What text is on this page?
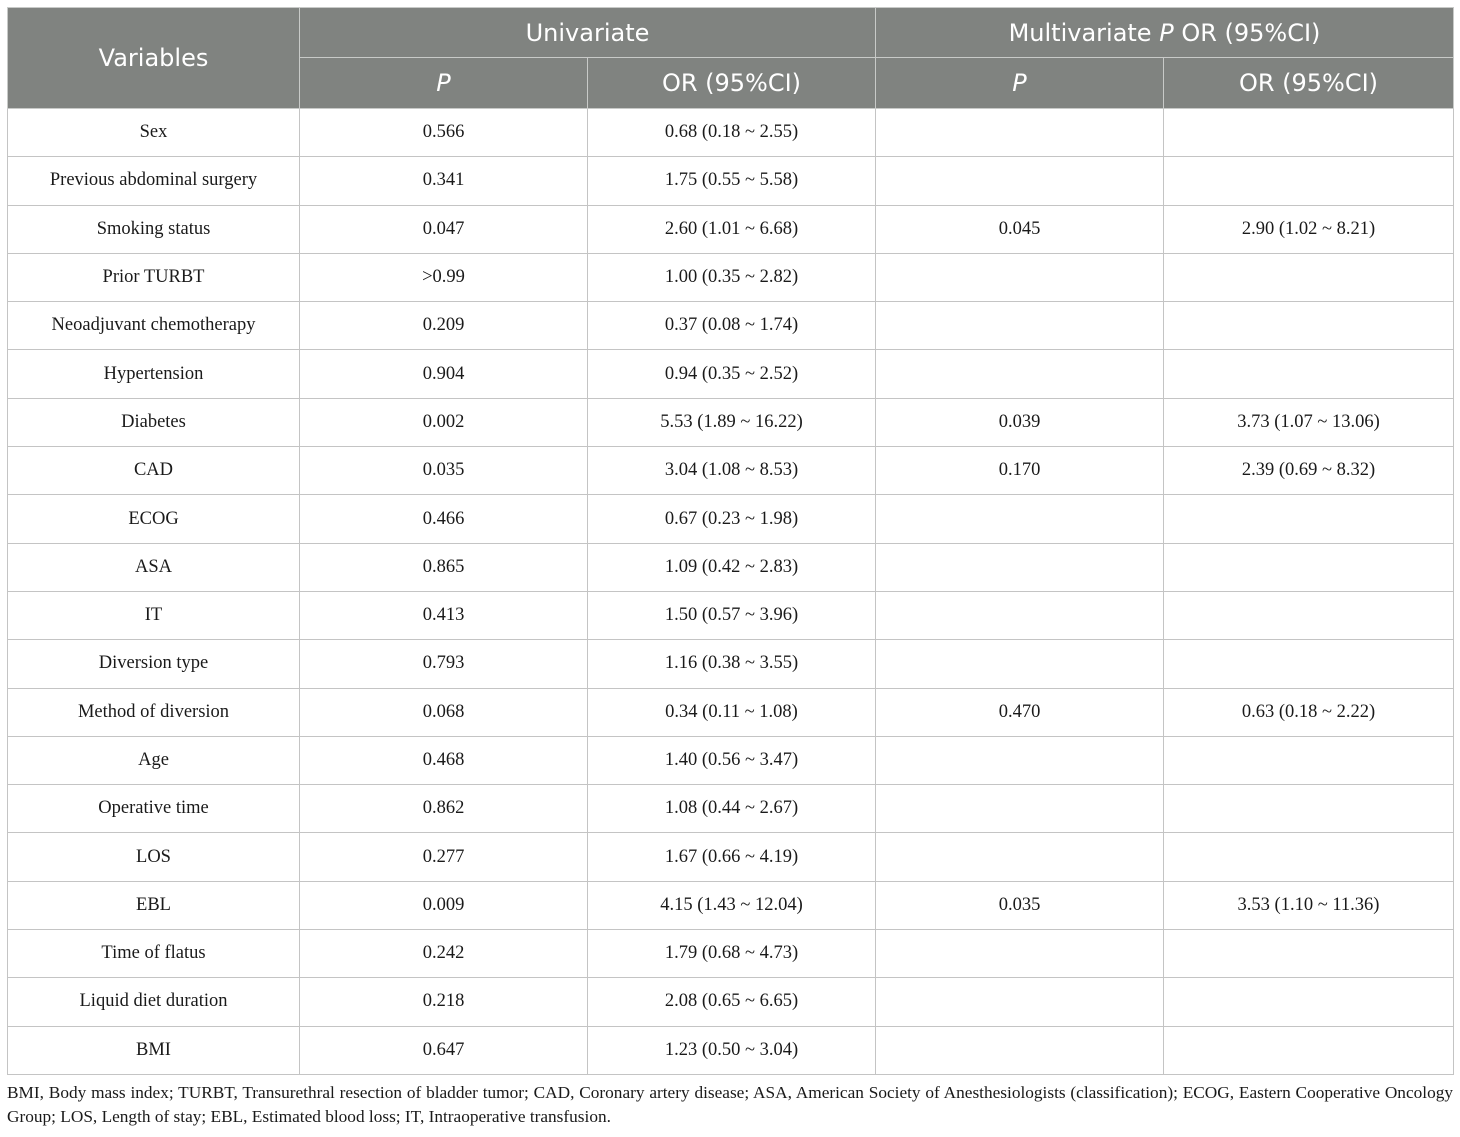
Variables	Univariate		Multivariate P OR (95%CI)	
	P	OR (95%CI)	P	OR (95%CI)
Sex	0.566	0.68 (0.18 ~ 2.55)		
Previous abdominal surgery	0.341	1.75 (0.55 ~ 5.58)		
Smoking status	0.047	2.60 (1.01 ~ 6.68)	0.045	2.90 (1.02 ~ 8.21)
Prior TURBT	>0.99	1.00 (0.35 ~ 2.82)		
Neoadjuvant chemotherapy	0.209	0.37 (0.08 ~ 1.74)		
Hypertension	0.904	0.94 (0.35 ~ 2.52)		
Diabetes	0.002	5.53 (1.89 ~ 16.22)	0.039	3.73 (1.07 ~ 13.06)
CAD	0.035	3.04 (1.08 ~ 8.53)	0.170	2.39 (0.69 ~ 8.32)
ECOG	0.466	0.67 (0.23 ~ 1.98)		
ASA	0.865	1.09 (0.42 ~ 2.83)		
IT	0.413	1.50 (0.57 ~ 3.96)		
Diversion type	0.793	1.16 (0.38 ~ 3.55)		
Method of diversion	0.068	0.34 (0.11 ~ 1.08)	0.470	0.63 (0.18 ~ 2.22)
Age	0.468	1.40 (0.56 ~ 3.47)		
Operative time	0.862	1.08 (0.44 ~ 2.67)		
LOS	0.277	1.67 (0.66 ~ 4.19)		
EBL	0.009	4.15 (1.43 ~ 12.04)	0.035	3.53 (1.10 ~ 11.36)
Time of flatus	0.242	1.79 (0.68 ~ 4.73)		
Liquid diet duration	0.218	2.08 (0.65 ~ 6.65)		
BMI	0.647	1.23 (0.50 ~ 3.04)		

BMI, Body mass index; TURBT, Transurethral resection of bladder tumor; CAD, Coronary artery disease; ASA, American Society of Anesthesiologists (classification); ECOG, Eastern Cooperative Oncology Group; LOS, Length of stay; EBL, Estimated blood loss; IT, Intraoperative transfusion.
